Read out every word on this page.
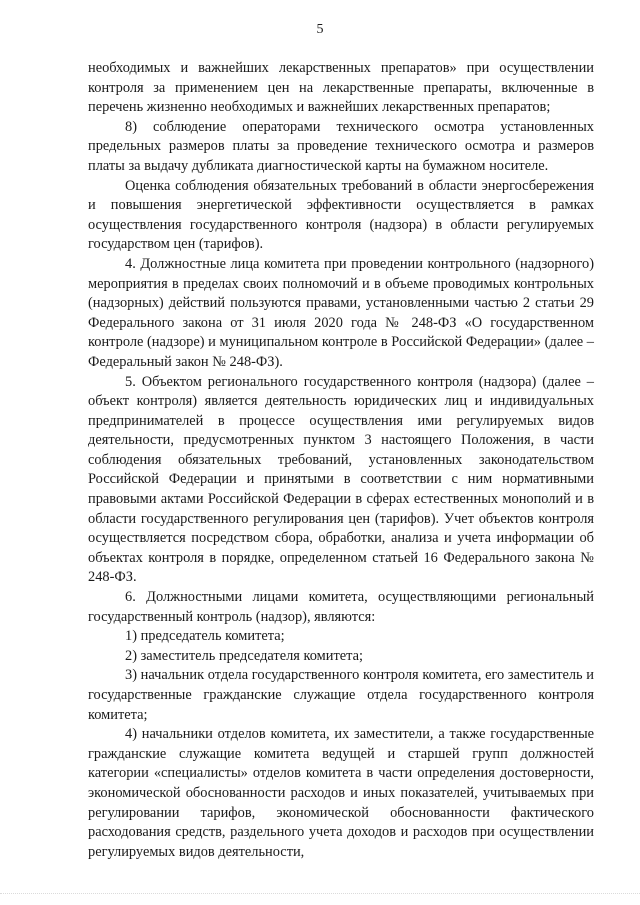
5

необходимых и важнейших лекарственных препаратов» при осуществлении контроля за применением цен на лекарственные препараты, включенные в перечень жизненно необходимых и важнейших лекарственных препаратов;

8) соблюдение операторами технического осмотра установленных предельных размеров платы за проведение технического осмотра и размеров платы за выдачу дубликата диагностической карты на бумажном носителе.

Оценка соблюдения обязательных требований в области энергосбережения и повышения энергетической эффективности осуществляется в рамках осуществления государственного контроля (надзора) в области регулируемых государством цен (тарифов).

4. Должностные лица комитета при проведении контрольного (надзорного) мероприятия в пределах своих полномочий и в объеме проводимых контрольных (надзорных) действий пользуются правами, установленными частью 2 статьи 29 Федерального закона от 31 июля 2020 года № 248-ФЗ «О государственном контроле (надзоре) и муниципальном контроле в Российской Федерации» (далее – Федеральный закон № 248-ФЗ).

5. Объектом регионального государственного контроля (надзора) (далее – объект контроля) является деятельность юридических лиц и индивидуальных предпринимателей в процессе осуществления ими регулируемых видов деятельности, предусмотренных пунктом 3 настоящего Положения, в части соблюдения обязательных требований, установленных законодательством Российской Федерации и принятыми в соответствии с ним нормативными правовыми актами Российской Федерации в сферах естественных монополий и в области государственного регулирования цен (тарифов). Учет объектов контроля осуществляется посредством сбора, обработки, анализа и учета информации об объектах контроля в порядке, определенном статьей 16 Федерального закона № 248-ФЗ.

6. Должностными лицами комитета, осуществляющими региональный государственный контроль (надзор), являются:

1) председатель комитета;

2) заместитель председателя комитета;

3) начальник отдела государственного контроля комитета, его заместитель и государственные гражданские служащие отдела государственного контроля комитета;

4) начальники отделов комитета, их заместители, а также государственные гражданские служащие комитета ведущей и старшей групп должностей категории «специалисты» отделов комитета в части определения достоверности, экономической обоснованности расходов и иных показателей, учитываемых при регулировании тарифов, экономической обоснованности фактического расходования средств, раздельного учета доходов и расходов при осуществлении регулируемых видов деятельности,
